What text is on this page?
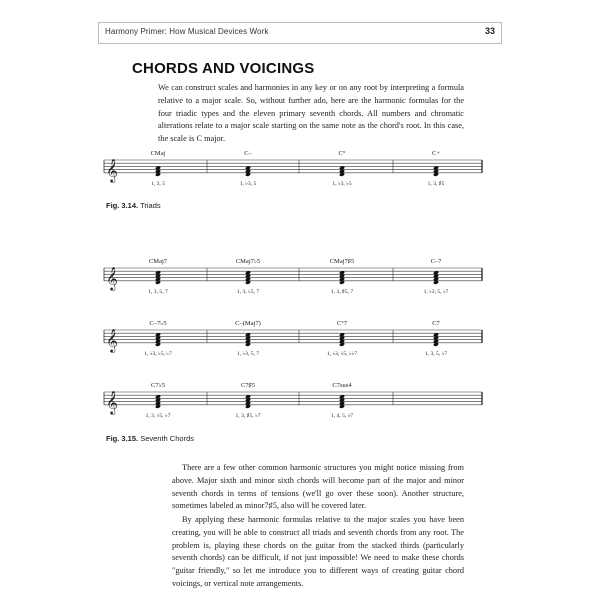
Harmony Primer: How Musical Devices Work	33
CHORDS AND VOICINGS
We can construct scales and harmonies in any key or on any root by interpreting a formula relative to a major scale. So, without further ado, here are the harmonic formulas for the four triadic types and the eleven primary seventh chords. All numbers and chromatic alterations relate to a major scale starting on the same note as the chord's root. In this case, the scale is C major.
𝄞
CMaj
1, 3, 5
C–
1, ♭3, 5
C°
1, ♭3, ♭5
C+
1, 3, ♯5
𝄞
CMaj7
1, 3, 5, 7
CMaj7♭5
1, 3, ♭5, 7
CMaj7♯5
1, 3, ♯5, 7
C–7
1, ♭3, 5, ♭7
𝄞
C–7♭5
1, ♭3, ♭5, ♭7
C–(Maj7)
1, ♭3, 5, 7
C°7
1, ♭3, ♭5, ♭♭7
C7
1, 3, 5, ♭7
𝄞
C7♭5
1, 3, ♭5, ♭7
C7♯5
1, 3, ♯5, ♭7
C7sus4
1, 4, 5, ♭7
Fig. 3.14. Triads
Fig. 3.15. Seventh Chords
There are a few other common harmonic structures you might notice missing from above. Major sixth and minor sixth chords will become part of the major and minor seventh chords in terms of tensions (we'll go over these soon). Another structure, sometimes labeled as minor7♯5, also will be covered later.
By applying these harmonic formulas relative to the major scales you have been creating, you will be able to construct all triads and seventh chords from any root. The problem is, playing these chords on the guitar from the stacked thirds (particularly seventh chords) can be difficult, if not just impossible! We need to make these chords "guitar friendly," so let me introduce you to different ways of creating guitar chord voicings, or vertical note arrangements.
